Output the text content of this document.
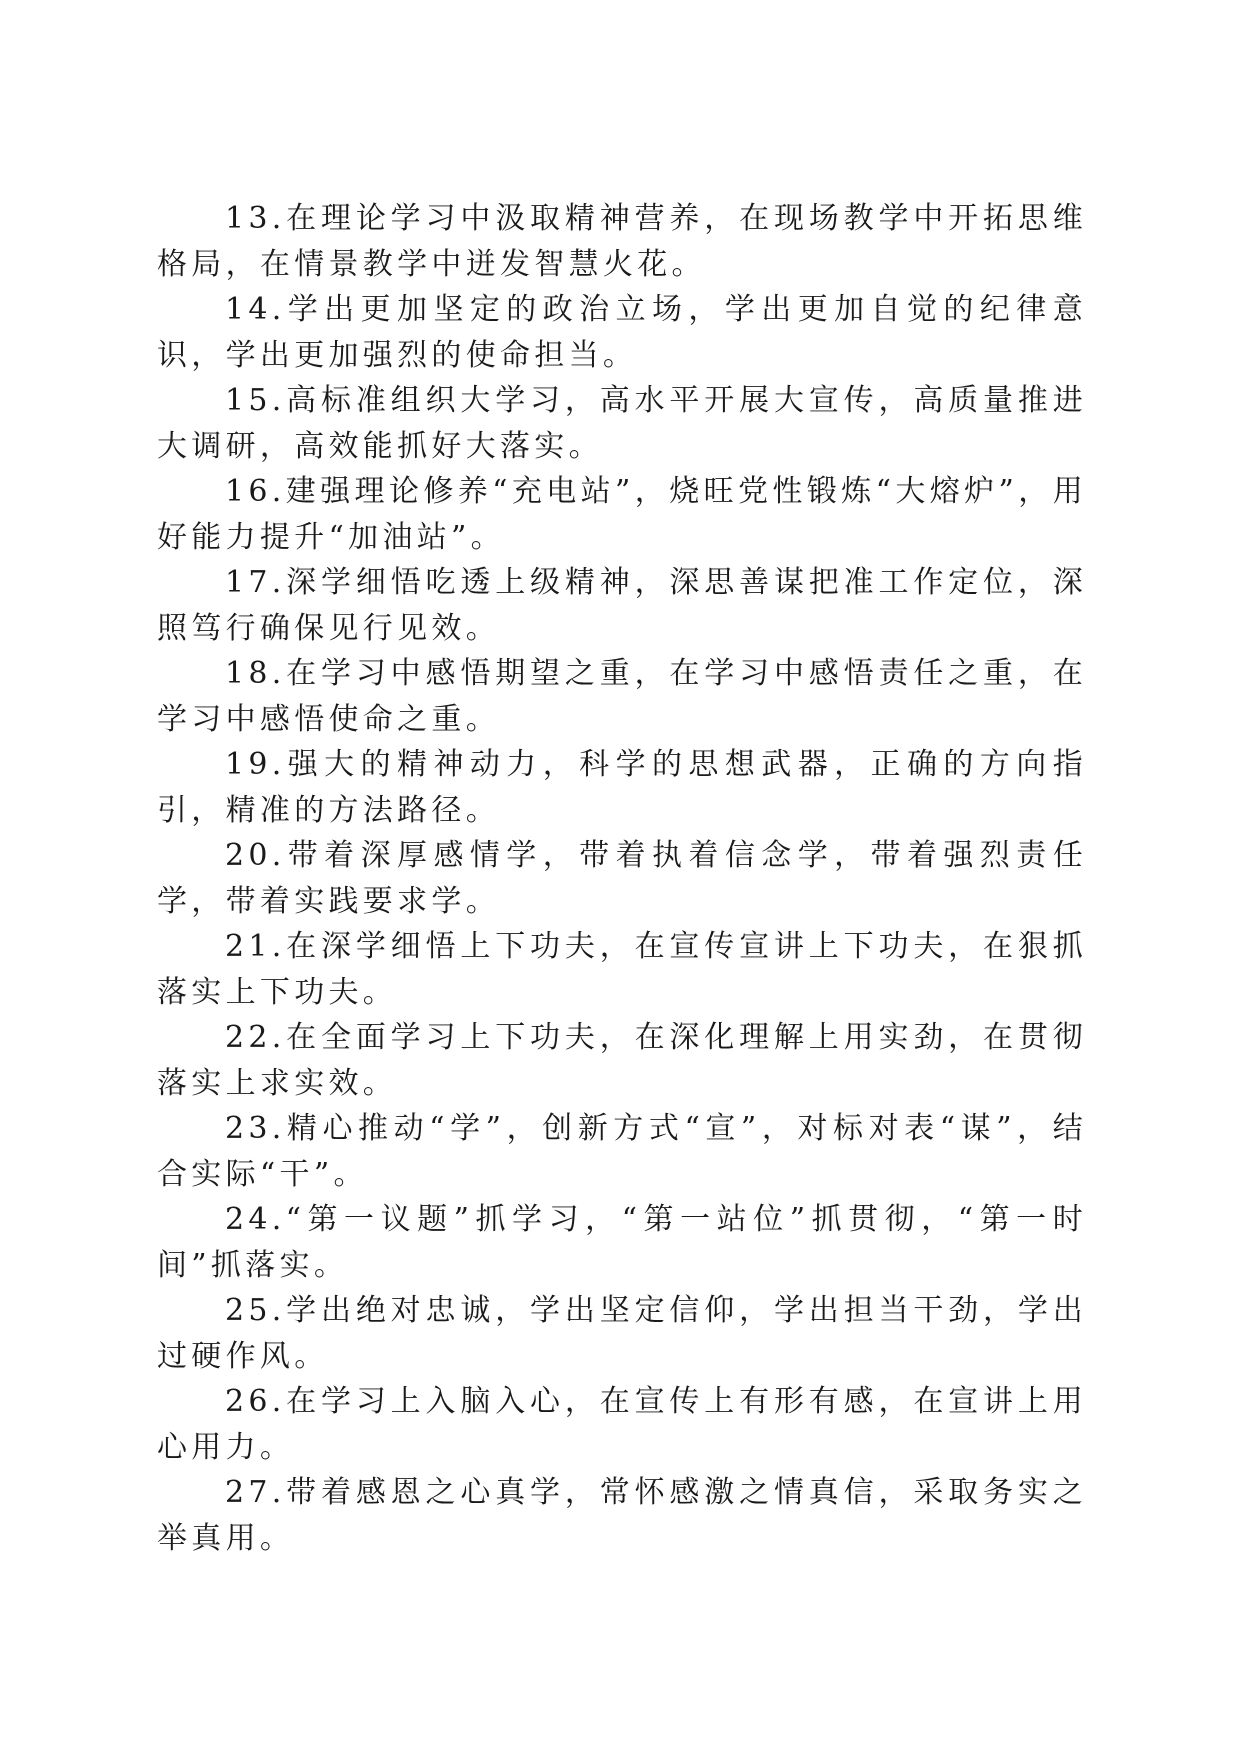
13.在理论学习中汲取精神营养，在现场教学中开拓思维格局，在情景教学中迸发智慧火花。

14.学出更加坚定的政治立场，学出更加自觉的纪律意识，学出更加强烈的使命担当。

15.高标准组织大学习，高水平开展大宣传，高质量推进大调研，高效能抓好大落实。

16.建强理论修养“充电站”，烧旺党性锻炼“大熔炉”，用好能力提升“加油站”。

17.深学细悟吃透上级精神，深思善谋把准工作定位，深照笃行确保见行见效。

18.在学习中感悟期望之重，在学习中感悟责任之重，在学习中感悟使命之重。

19.强大的精神动力，科学的思想武器，正确的方向指引，精准的方法路径。

20.带着深厚感情学，带着执着信念学，带着强烈责任学，带着实践要求学。

21.在深学细悟上下功夫，在宣传宣讲上下功夫，在狠抓落实上下功夫。

22.在全面学习上下功夫，在深化理解上用实劲，在贯彻落实上求实效。

23.精心推动“学”，创新方式“宣”，对标对表“谋”，结合实际“干”。

24.“第一议题”抓学习，“第一站位”抓贯彻，“第一时间”抓落实。

25.学出绝对忠诚，学出坚定信仰，学出担当干劲，学出过硬作风。

26.在学习上入脑入心，在宣传上有形有感，在宣讲上用心用力。

27.带着感恩之心真学，常怀感激之情真信，采取务实之举真用。
